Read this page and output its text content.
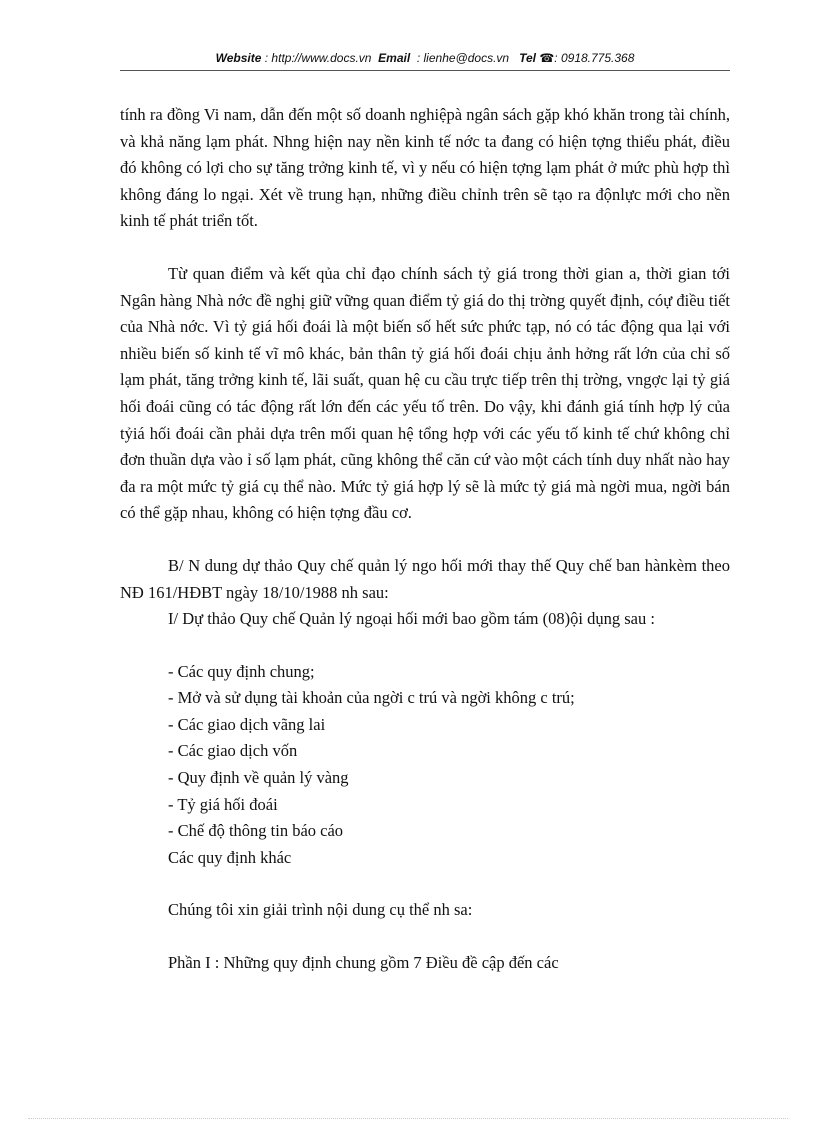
Website : http://www.docs.vn Email : lienhe@docs.vn Tel ☎: 0918.775.368

tính ra đồng Vi nam, dẫn đến một số doanh nghiệpà ngân sách gặp khó khăn trong tài chính, và khả năng lạm phát. Nhng hiện nay nền kinh tế nớc ta đang có hiện tợng thiểu phát, điều đó không có lợi cho sự tăng trởng kinh tế, vì y nếu có hiện tợng lạm phát ở mức phù hợp thì không đáng lo ngại. Xét về trung hạn, những điều chỉnh trên sẽ tạo ra độnlực mới cho nền kinh tế phát triển tốt.

Từ quan điểm và kết qủa chỉ đạo chính sách tỷ giá trong thời gian a, thời gian tới Ngân hàng Nhà nớc đề nghị giữ vững quan điểm tỷ giá do thị trờng quyết định, cóự điều tiết của Nhà nớc. Vì tỷ giá hối đoái là một biến số hết sức phức tạp, nó có tác động qua lại với nhiều biến số kinh tế vĩ mô khác, bản thân tỷ giá hối đoái chịu ảnh hởng rất lớn của chỉ số lạm phát, tăng trởng kinh tế, lãi suất, quan hệ cu cầu trực tiếp trên thị trờng, vngợc lại tỷ giá hối đoái cũng có tác động rất lớn đến các yếu tố trên. Do vậy, khi đánh giá tính hợp lý của tỷiá hối đoái cần phải dựa trên mối quan hệ tổng hợp với các yếu tố kinh tế chứ không chỉ đơn thuần dựa vào ỉ số lạm phát, cũng không thể căn cứ vào một cách tính duy nhất nào hay đa ra một mức tỷ giá cụ thể nào. Mức tỷ giá hợp lý sẽ là mức tỷ giá mà ngời mua, ngời bán có thể gặp nhau, không có hiện tợng đầu cơ.

B/ N dung dự thảo Quy chế quản lý ngo hối mới thay thế Quy chế ban hànkèm theo NĐ 161/HĐBT ngày 18/10/1988 nh sau:

I/ Dự thảo Quy chế Quản lý ngoại hối mới bao gồm tám (08)ội dụng sau :

- Các quy định chung;
- Mở và sử dụng tài khoản của ngời c trú và ngời không c trú;
- Các giao dịch vãng lai
- Các giao dịch vốn
- Quy định về quản lý vàng
- Tỷ giá hối đoái
- Chế độ thông tin báo cáo

Các quy định khác

Chúng tôi xin giải trình nội dung cụ thể nh sa:

Phần I : Những quy định chung gồm 7 Điều đề cập đến các
